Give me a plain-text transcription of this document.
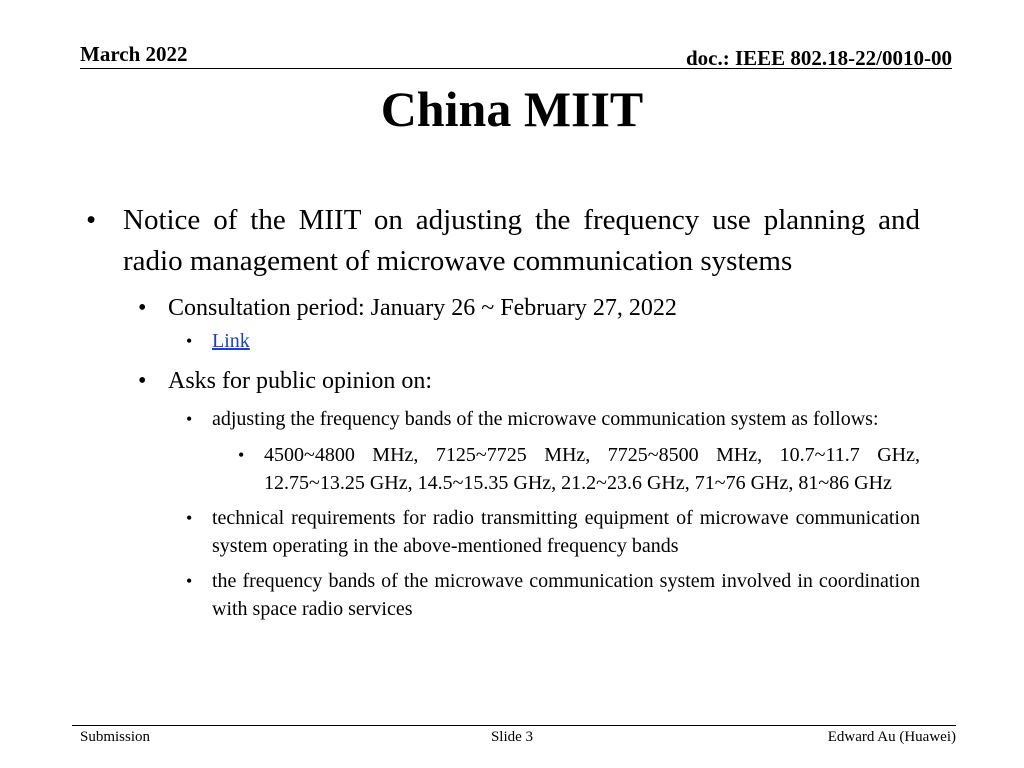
March 2022	doc.: IEEE 802.18-22/0010-00
China MIIT
• Notice of the MIIT on adjusting the frequency use planning and radio management of microwave communication systems
• Consultation period: January 26 ~ February 27, 2022
• Link
• Asks for public opinion on:
• adjusting the frequency bands of the microwave communication system as follows:
• 4500~4800 MHz, 7125~7725 MHz, 7725~8500 MHz, 10.7~11.7 GHz, 12.75~13.25 GHz, 14.5~15.35 GHz, 21.2~23.6 GHz, 71~76 GHz, 81~86 GHz
• technical requirements for radio transmitting equipment of microwave communication system operating in the above-mentioned frequency bands
• the frequency bands of the microwave communication system involved in coordination with space radio services
Submission	Slide 3	Edward Au (Huawei)
